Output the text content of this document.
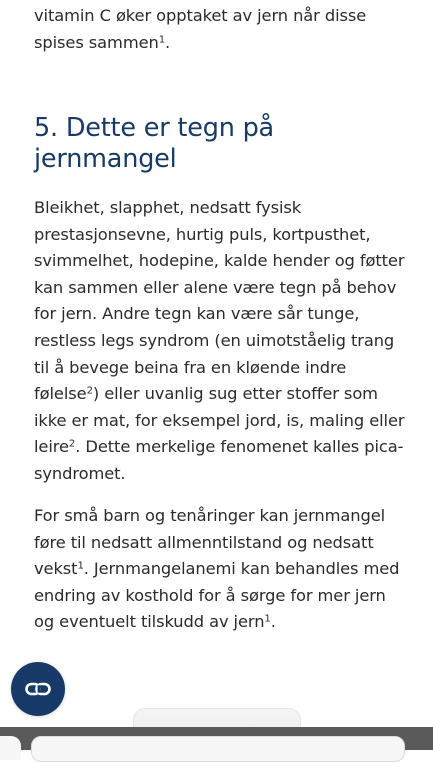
vitamin C øker opptaket av jern når disse spises sammen$^1$.

5. Dette er tegn på jernmangel

Bleikhet, slapphet, nedsatt fysisk prestasjonsevne, hurtig puls, kortpusthet, svimmelhet, hodepine, kalde hender og føtter kan sammen eller alene være tegn på behov for jern. Andre tegn kan være sår tunge, restless legs syndrom (en uimotståelig trang til å bevege beina fra en kløende indre følelse$^2$) eller uvanlig sug etter stoffer som ikke er mat, for eksempel jord, is, maling eller leire$^2$. Dette merkelige fenomenet kalles pica-syndromet.

For små barn og tenåringer kan jernmangel føre til nedsatt allmenntilstand og nedsatt vekst$^1$. Jernmangelanemi kan behandles med endring av kosthold for å sørge for mer jern og eventuelt tilskudd av jern$^1$.
